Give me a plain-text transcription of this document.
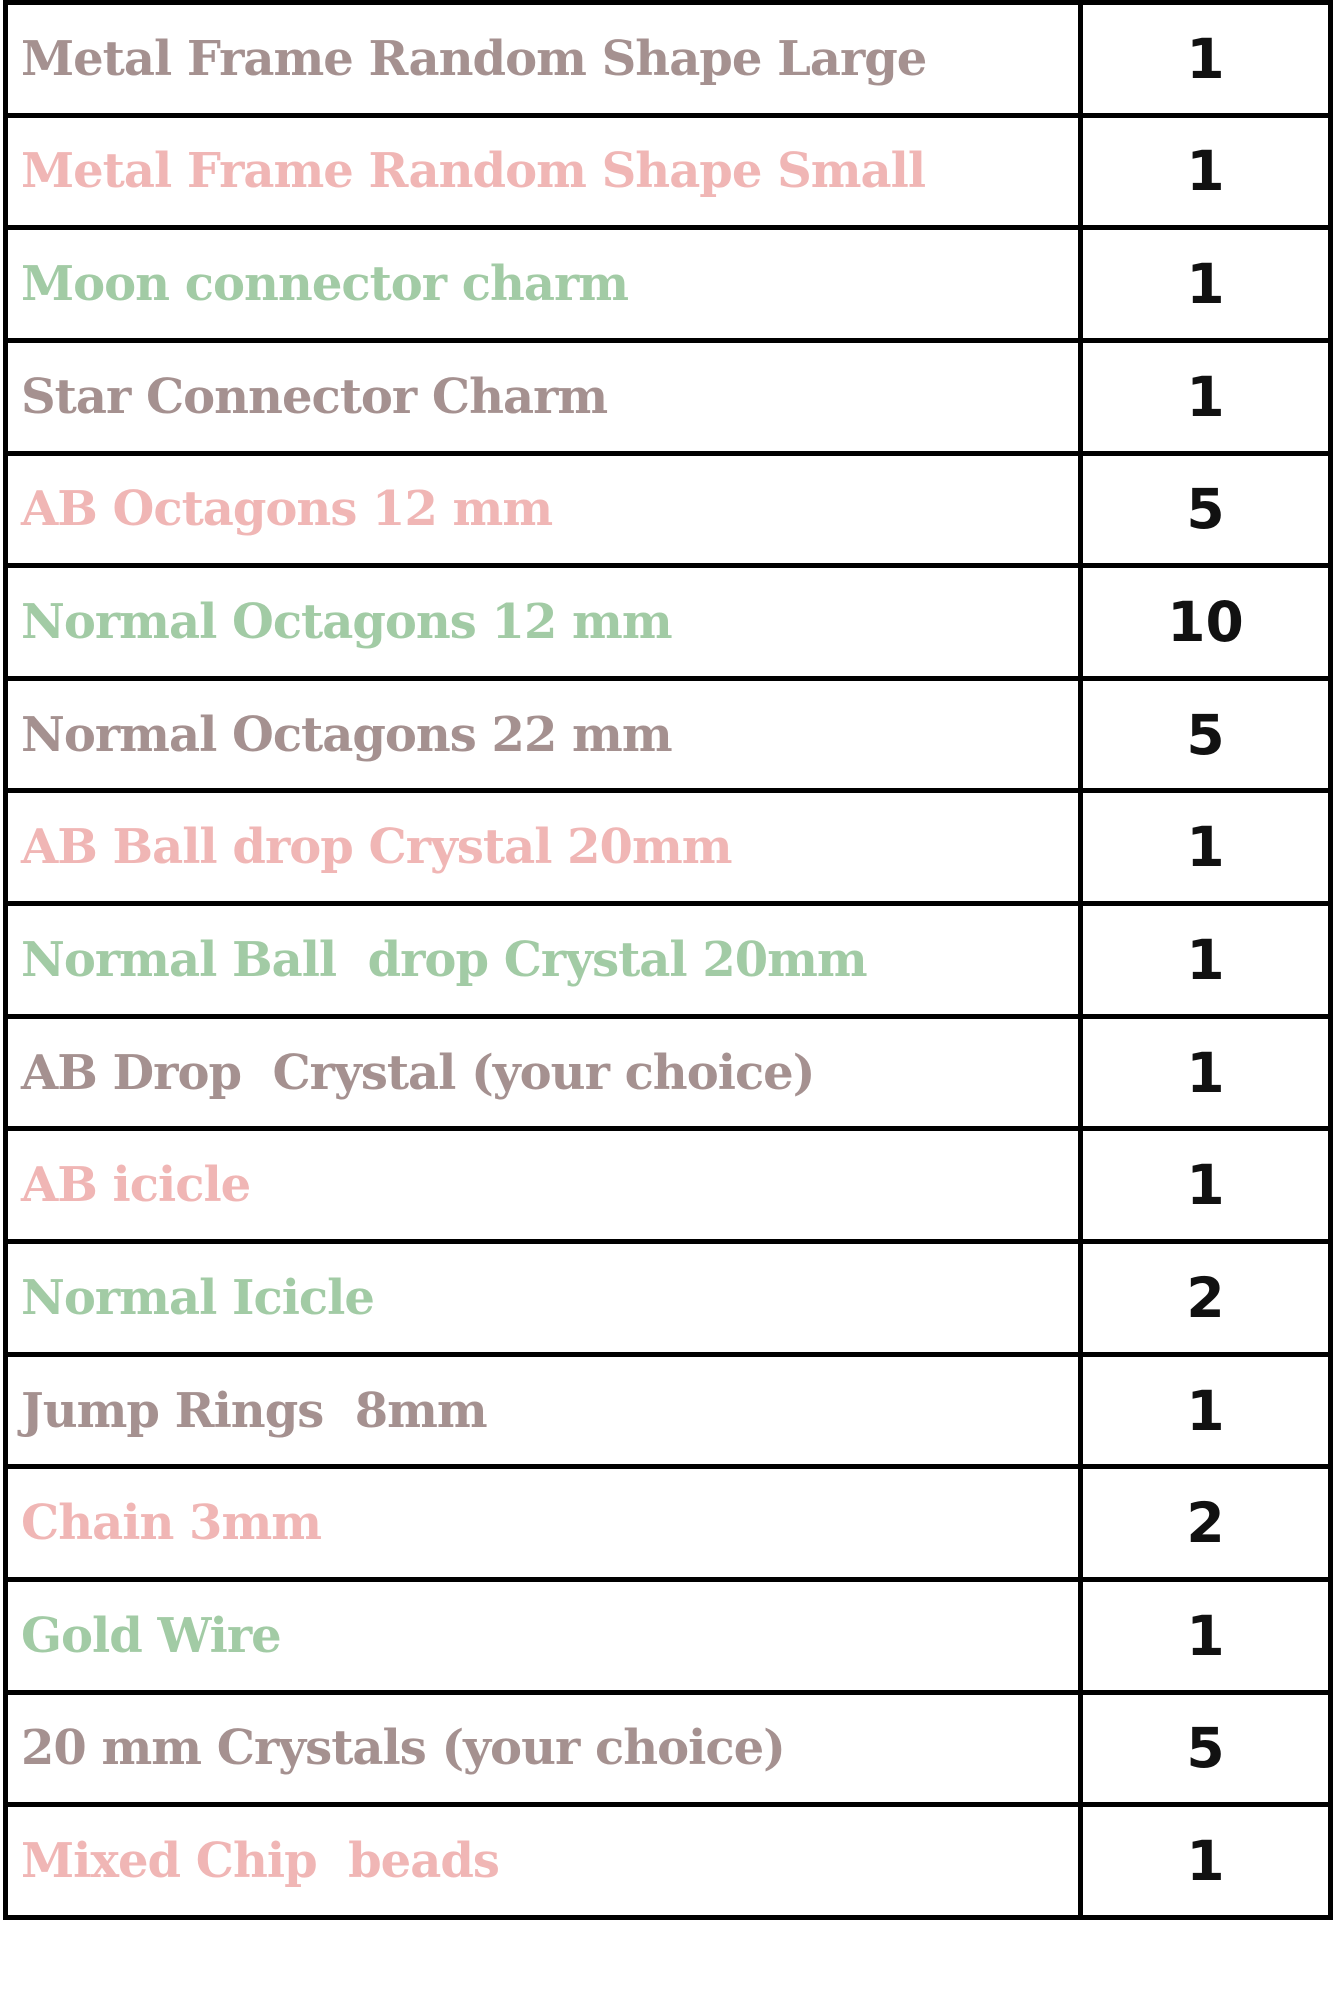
Metal Frame Random Shape Large	1
Metal Frame Random Shape Small	1
Moon connector charm	1
Star Connector Charm	1
AB Octagons 12 mm	5
Normal Octagons 12 mm	10
Normal Octagons 22 mm	5
AB Ball drop Crystal 20mm	1
Normal Ball  drop Crystal 20mm	1
AB Drop  Crystal (your choice)	1
AB icicle	1
Normal Icicle	2
Jump Rings  8mm	1
Chain 3mm	2
Gold Wire	1
20 mm Crystals (your choice)	5
Mixed Chip  beads	1
